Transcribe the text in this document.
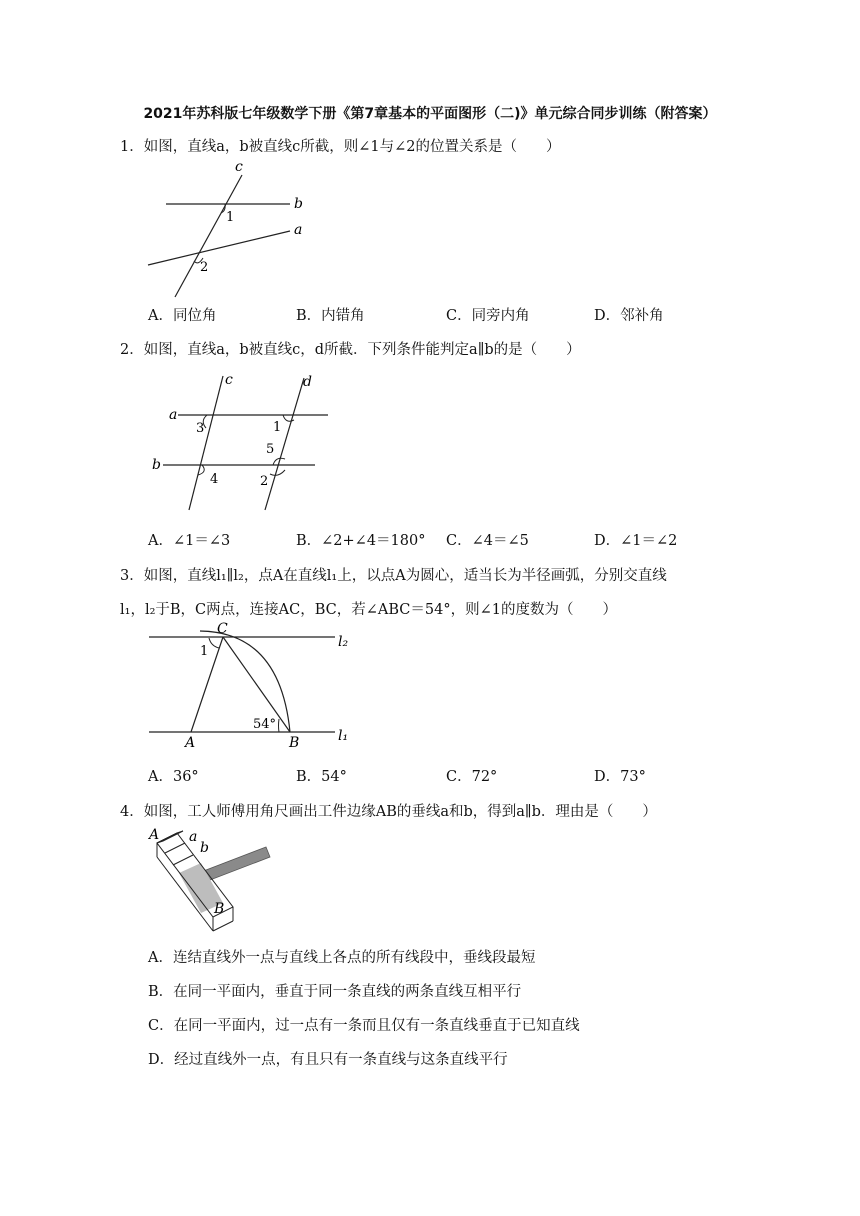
2021年苏科版七年级数学下册《第7章基本的平面图形（二)》单元综合同步训练（附答案）
1．如图，直线a，b被直线c所截，则∠1与∠2的位置关系是（　　）
c
b
a
1
2
A．同位角	B．内错角	C．同旁内角	D．邻补角
2．如图，直线a，b被直线c，d所截．下列条件能判定a∥b的是（　　）
c	d
a
b
3	1
5
4	2
A．∠1＝∠3	B．∠2+∠4＝180° C．∠4＝∠5	D．∠1＝∠2
3．如图，直线l₁∥l₂，点A在直线l₁上，以点A为圆心，适当长为半径画弧，分别交直线
l₁，l₂于B，C两点，连接AC，BC，若∠ABC＝54°，则∠1的度数为（　　）
C
l₂
1
54°
A	B	l₁
A．36°	B．54°	C．72°	D．73°
4．如图，工人师傅用角尺画出工件边缘AB的垂线a和b，得到a∥b．理由是（　　）
A a
b
B
A．连结直线外一点与直线上各点的所有线段中，垂线段最短
B．在同一平面内，垂直于同一条直线的两条直线互相平行
C．在同一平面内，过一点有一条而且仅有一条直线垂直于已知直线
D．经过直线外一点，有且只有一条直线与这条直线平行
